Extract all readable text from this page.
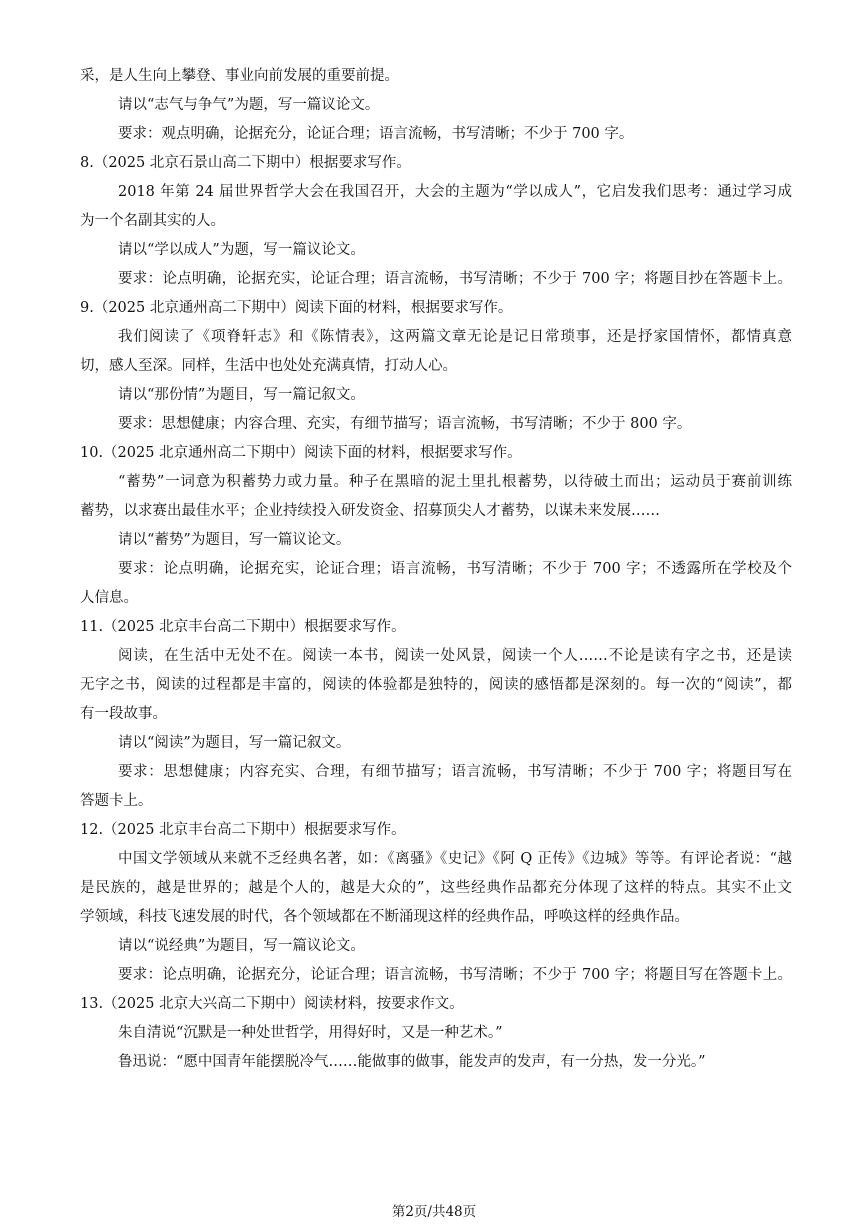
采，是人生向上攀登、事业向前发展的重要前提。
请以“志气与争气”为题，写一篇议论文。
要求：观点明确，论据充分，论证合理；语言流畅，书写清晰；不少于 700 字。
8.（2025 北京石景山高二下期中）根据要求写作。
2018 年第 24 届世界哲学大会在我国召开，大会的主题为“学以成人”，它启发我们思考：通过学习成
为一个名副其实的人。
请以“学以成人”为题，写一篇议论文。
要求：论点明确，论据充实，论证合理；语言流畅，书写清晰；不少于 700 字；将题目抄在答题卡上。
9.（2025 北京通州高二下期中）阅读下面的材料，根据要求写作。
我们阅读了《项脊轩志》和《陈情表》，这两篇文章无论是记日常琐事，还是抒家国情怀，都情真意
切，感人至深。同样，生活中也处处充满真情，打动人心。
请以“那份情”为题目，写一篇记叙文。
要求：思想健康；内容合理、充实，有细节描写；语言流畅，书写清晰；不少于 800 字。
10.（2025 北京通州高二下期中）阅读下面的材料，根据要求写作。
“蓄势”一词意为积蓄势力或力量。种子在黑暗的泥土里扎根蓄势，以待破土而出；运动员于赛前训练
蓄势，以求赛出最佳水平；企业持续投入研发资金、招募顶尖人才蓄势，以谋未来发展……
请以“蓄势”为题目，写一篇议论文。
要求：论点明确，论据充实，论证合理；语言流畅，书写清晰；不少于 700 字；不透露所在学校及个
人信息。
11.（2025 北京丰台高二下期中）根据要求写作。
阅读，在生活中无处不在。阅读一本书，阅读一处风景，阅读一个人……不论是读有字之书，还是读
无字之书，阅读的过程都是丰富的，阅读的体验都是独特的，阅读的感悟都是深刻的。每一次的“阅读”，都
有一段故事。
请以“阅读”为题目，写一篇记叙文。
要求：思想健康；内容充实、合理，有细节描写；语言流畅，书写清晰；不少于 700 字；将题目写在
答题卡上。
12.（2025 北京丰台高二下期中）根据要求写作。
中国文学领域从来就不乏经典名著，如：《离骚》《史记》《阿 Q 正传》《边城》等等。有评论者说：“越
是民族的，越是世界的；越是个人的，越是大众的”，这些经典作品都充分体现了这样的特点。其实不止文
学领域，科技飞速发展的时代，各个领域都在不断涌现这样的经典作品，呼唤这样的经典作品。
请以“说经典”为题目，写一篇议论文。
要求：论点明确，论据充分，论证合理；语言流畅，书写清晰；不少于 700 字；将题目写在答题卡上。
13.（2025 北京大兴高二下期中）阅读材料，按要求作文。
朱自清说“沉默是一种处世哲学，用得好时，又是一种艺术。”
鲁迅说：“愿中国青年能摆脱冷气……能做事的做事，能发声的发声，有一分热，发一分光。”
第2页/共48页
